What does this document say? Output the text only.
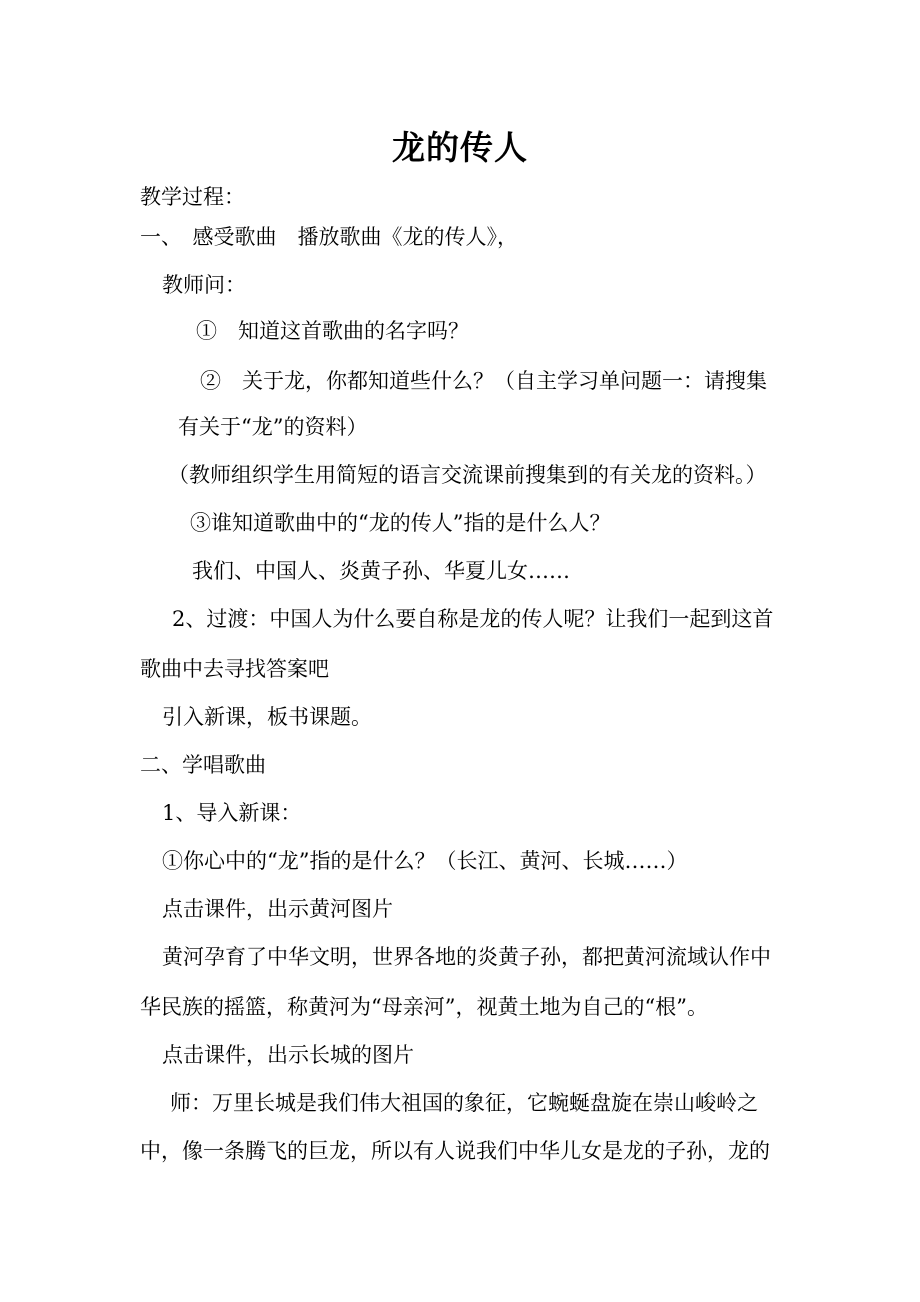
龙的传人
教学过程：
一、　感受歌曲　播放歌曲《龙的传人》，
教师问：
①　知道这首歌曲的名字吗？
②　关于龙，你都知道些什么？（自主学习单问题一：请搜集
有关于“龙”的资料）
（教师组织学生用简短的语言交流课前搜集到的有关龙的资料。）
③谁知道歌曲中的“龙的传人”指的是什么人？
我们、中国人、炎黄子孙、华夏儿女……
2、过渡：中国人为什么要自称是龙的传人呢？让我们一起到这首
歌曲中去寻找答案吧
引入新课，板书课题。
二、学唱歌曲
1、导入新课：
①你心中的“龙”指的是什么？（长江、黄河、长城……）
点击课件，出示黄河图片
黄河孕育了中华文明，世界各地的炎黄子孙，都把黄河流域认作中
华民族的摇篮，称黄河为“母亲河”，视黄土地为自己的“根”。
点击课件，出示长城的图片
师：万里长城是我们伟大祖国的象征，它蜿蜒盘旋在崇山峻岭之
中，像一条腾飞的巨龙，所以有人说我们中华儿女是龙的子孙，龙的
